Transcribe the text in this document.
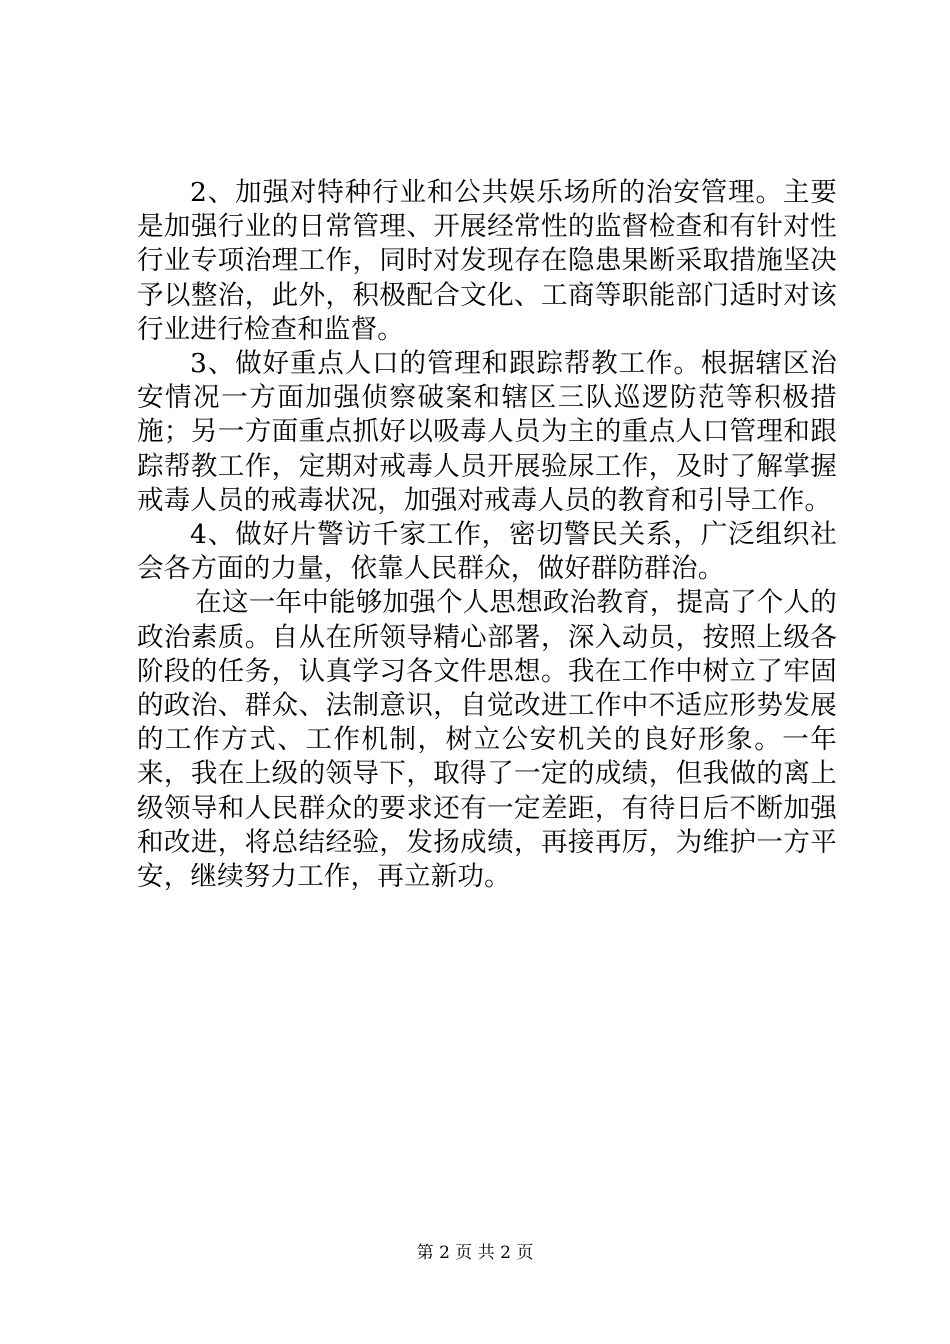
2、加强对特种行业和公共娱乐场所的治安管理。主要是加强行业的日常管理、开展经常性的监督检查和有针对性行业专项治理工作，同时对发现存在隐患果断采取措施坚决予以整治，此外，积极配合文化、工商等职能部门适时对该行业进行检查和监督。

3、做好重点人口的管理和跟踪帮教工作。根据辖区治安情况一方面加强侦察破案和辖区三队巡逻防范等积极措施；另一方面重点抓好以吸毒人员为主的重点人口管理和跟踪帮教工作，定期对戒毒人员开展验尿工作，及时了解掌握戒毒人员的戒毒状况，加强对戒毒人员的教育和引导工作。

4、做好片警访千家工作，密切警民关系，广泛组织社会各方面的力量，依靠人民群众，做好群防群治。

在这一年中能够加强个人思想政治教育，提高了个人的政治素质。自从在所领导精心部署，深入动员，按照上级各阶段的任务，认真学习各文件思想。我在工作中树立了牢固的政治、群众、法制意识，自觉改进工作中不适应形势发展的工作方式、工作机制，树立公安机关的良好形象。一年来，我在上级的领导下，取得了一定的成绩，但我做的离上级领导和人民群众的要求还有一定差距，有待日后不断加强和改进，将总结经验，发扬成绩，再接再厉，为维护一方平安，继续努力工作，再立新功。

第 2 页 共 2 页
